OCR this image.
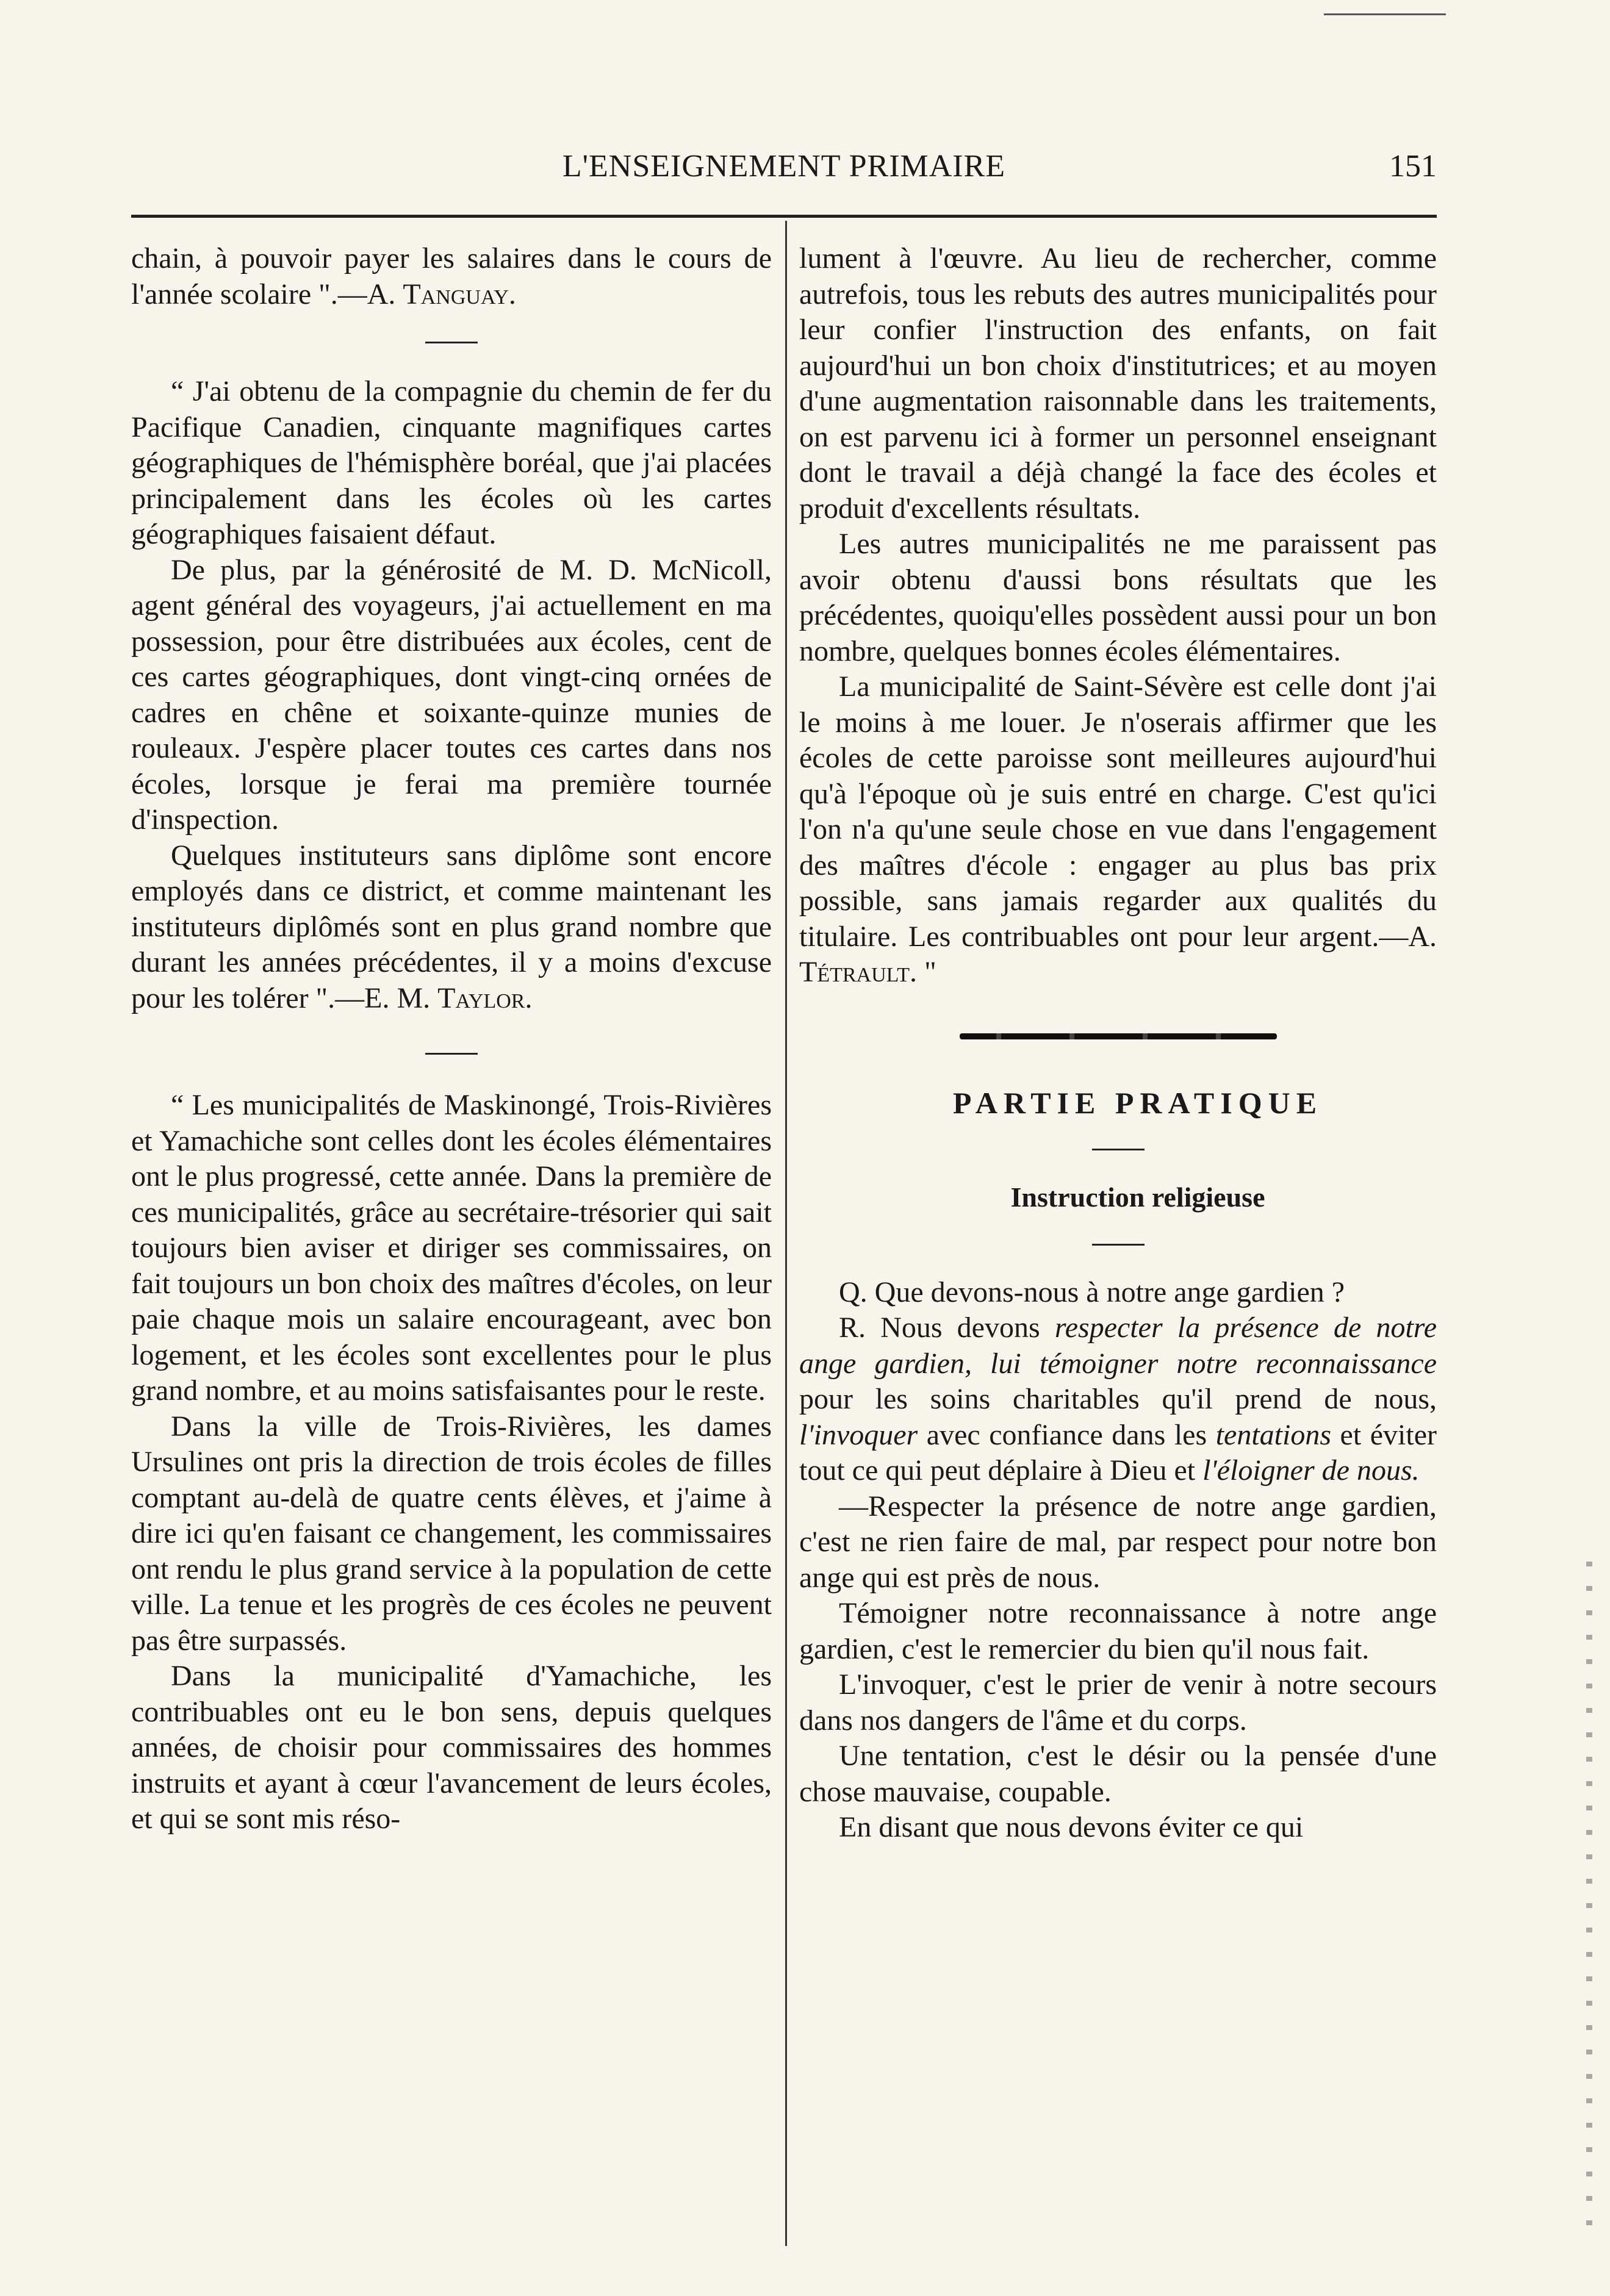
L'ENSEIGNEMENT PRIMAIRE	151

chain, à pouvoir payer les salaires dans le cours de l'année scolaire ".—A. Tanguay.

“ J'ai obtenu de la compagnie du chemin de fer du Pacifique Canadien, cinquante magnifiques cartes géographiques de l'hémisphère boréal, que j'ai placées principalement dans les écoles où les cartes géographiques faisaient défaut.

De plus, par la générosité de M. D. McNicoll, agent général des voyageurs, j'ai actuellement en ma possession, pour être distribuées aux écoles, cent de ces cartes géographiques, dont vingt-cinq ornées de cadres en chêne et soixante-quinze munies de rouleaux. J'espère placer toutes ces cartes dans nos écoles, lorsque je ferai ma première tournée d'inspection.

Quelques instituteurs sans diplôme sont encore employés dans ce district, et comme maintenant les instituteurs diplômés sont en plus grand nombre que durant les années précédentes, il y a moins d'excuse pour les tolérer ".—E. M. Taylor.

“ Les municipalités de Maskinongé, Trois-Rivières et Yamachiche sont celles dont les écoles élémentaires ont le plus progressé, cette année. Dans la première de ces municipalités, grâce au secrétaire-trésorier qui sait toujours bien aviser et diriger ses commissaires, on fait toujours un bon choix des maîtres d'écoles, on leur paie chaque mois un salaire encourageant, avec bon logement, et les écoles sont excellentes pour le plus grand nombre, et au moins satisfaisantes pour le reste.

Dans la ville de Trois-Rivières, les dames Ursulines ont pris la direction de trois écoles de filles comptant au-delà de quatre cents élèves, et j'aime à dire ici qu'en faisant ce changement, les commissaires ont rendu le plus grand service à la population de cette ville. La tenue et les progrès de ces écoles ne peuvent pas être surpassés.

Dans la municipalité d'Yamachiche, les contribuables ont eu le bon sens, depuis quelques années, de choisir pour commissaires des hommes instruits et ayant à cœur l'avancement de leurs écoles, et qui se sont mis réso-

lument à l'œuvre. Au lieu de rechercher, comme autrefois, tous les rebuts des autres municipalités pour leur confier l'instruction des enfants, on fait aujourd'hui un bon choix d'institutrices; et au moyen d'une augmentation raisonnable dans les traitements, on est parvenu ici à former un personnel enseignant dont le travail a déjà changé la face des écoles et produit d'excellents résultats.

Les autres municipalités ne me paraissent pas avoir obtenu d'aussi bons résultats que les précédentes, quoiqu'elles possèdent aussi pour un bon nombre, quelques bonnes écoles élémentaires.

La municipalité de Saint-Sévère est celle dont j'ai le moins à me louer. Je n'oserais affirmer que les écoles de cette paroisse sont meilleures aujourd'hui qu'à l'époque où je suis entré en charge. C'est qu'ici l'on n'a qu'une seule chose en vue dans l'engagement des maîtres d'école : engager au plus bas prix possible, sans jamais regarder aux qualités du titulaire. Les contribuables ont pour leur argent.—A. Tétrault. "

PARTIE PRATIQUE

Instruction religieuse

Q. Que devons-nous à notre ange gardien ?

R. Nous devons respecter la présence de notre ange gardien, lui témoigner notre reconnaissance pour les soins charitables qu'il prend de nous, l'invoquer avec confiance dans les tentations et éviter tout ce qui peut déplaire à Dieu et l'éloigner de nous.

—Respecter la présence de notre ange gardien, c'est ne rien faire de mal, par respect pour notre bon ange qui est près de nous.

Témoigner notre reconnaissance à notre ange gardien, c'est le remercier du bien qu'il nous fait.

L'invoquer, c'est le prier de venir à notre secours dans nos dangers de l'âme et du corps.

Une tentation, c'est le désir ou la pensée d'une chose mauvaise, coupable.

En disant que nous devons éviter ce qui
